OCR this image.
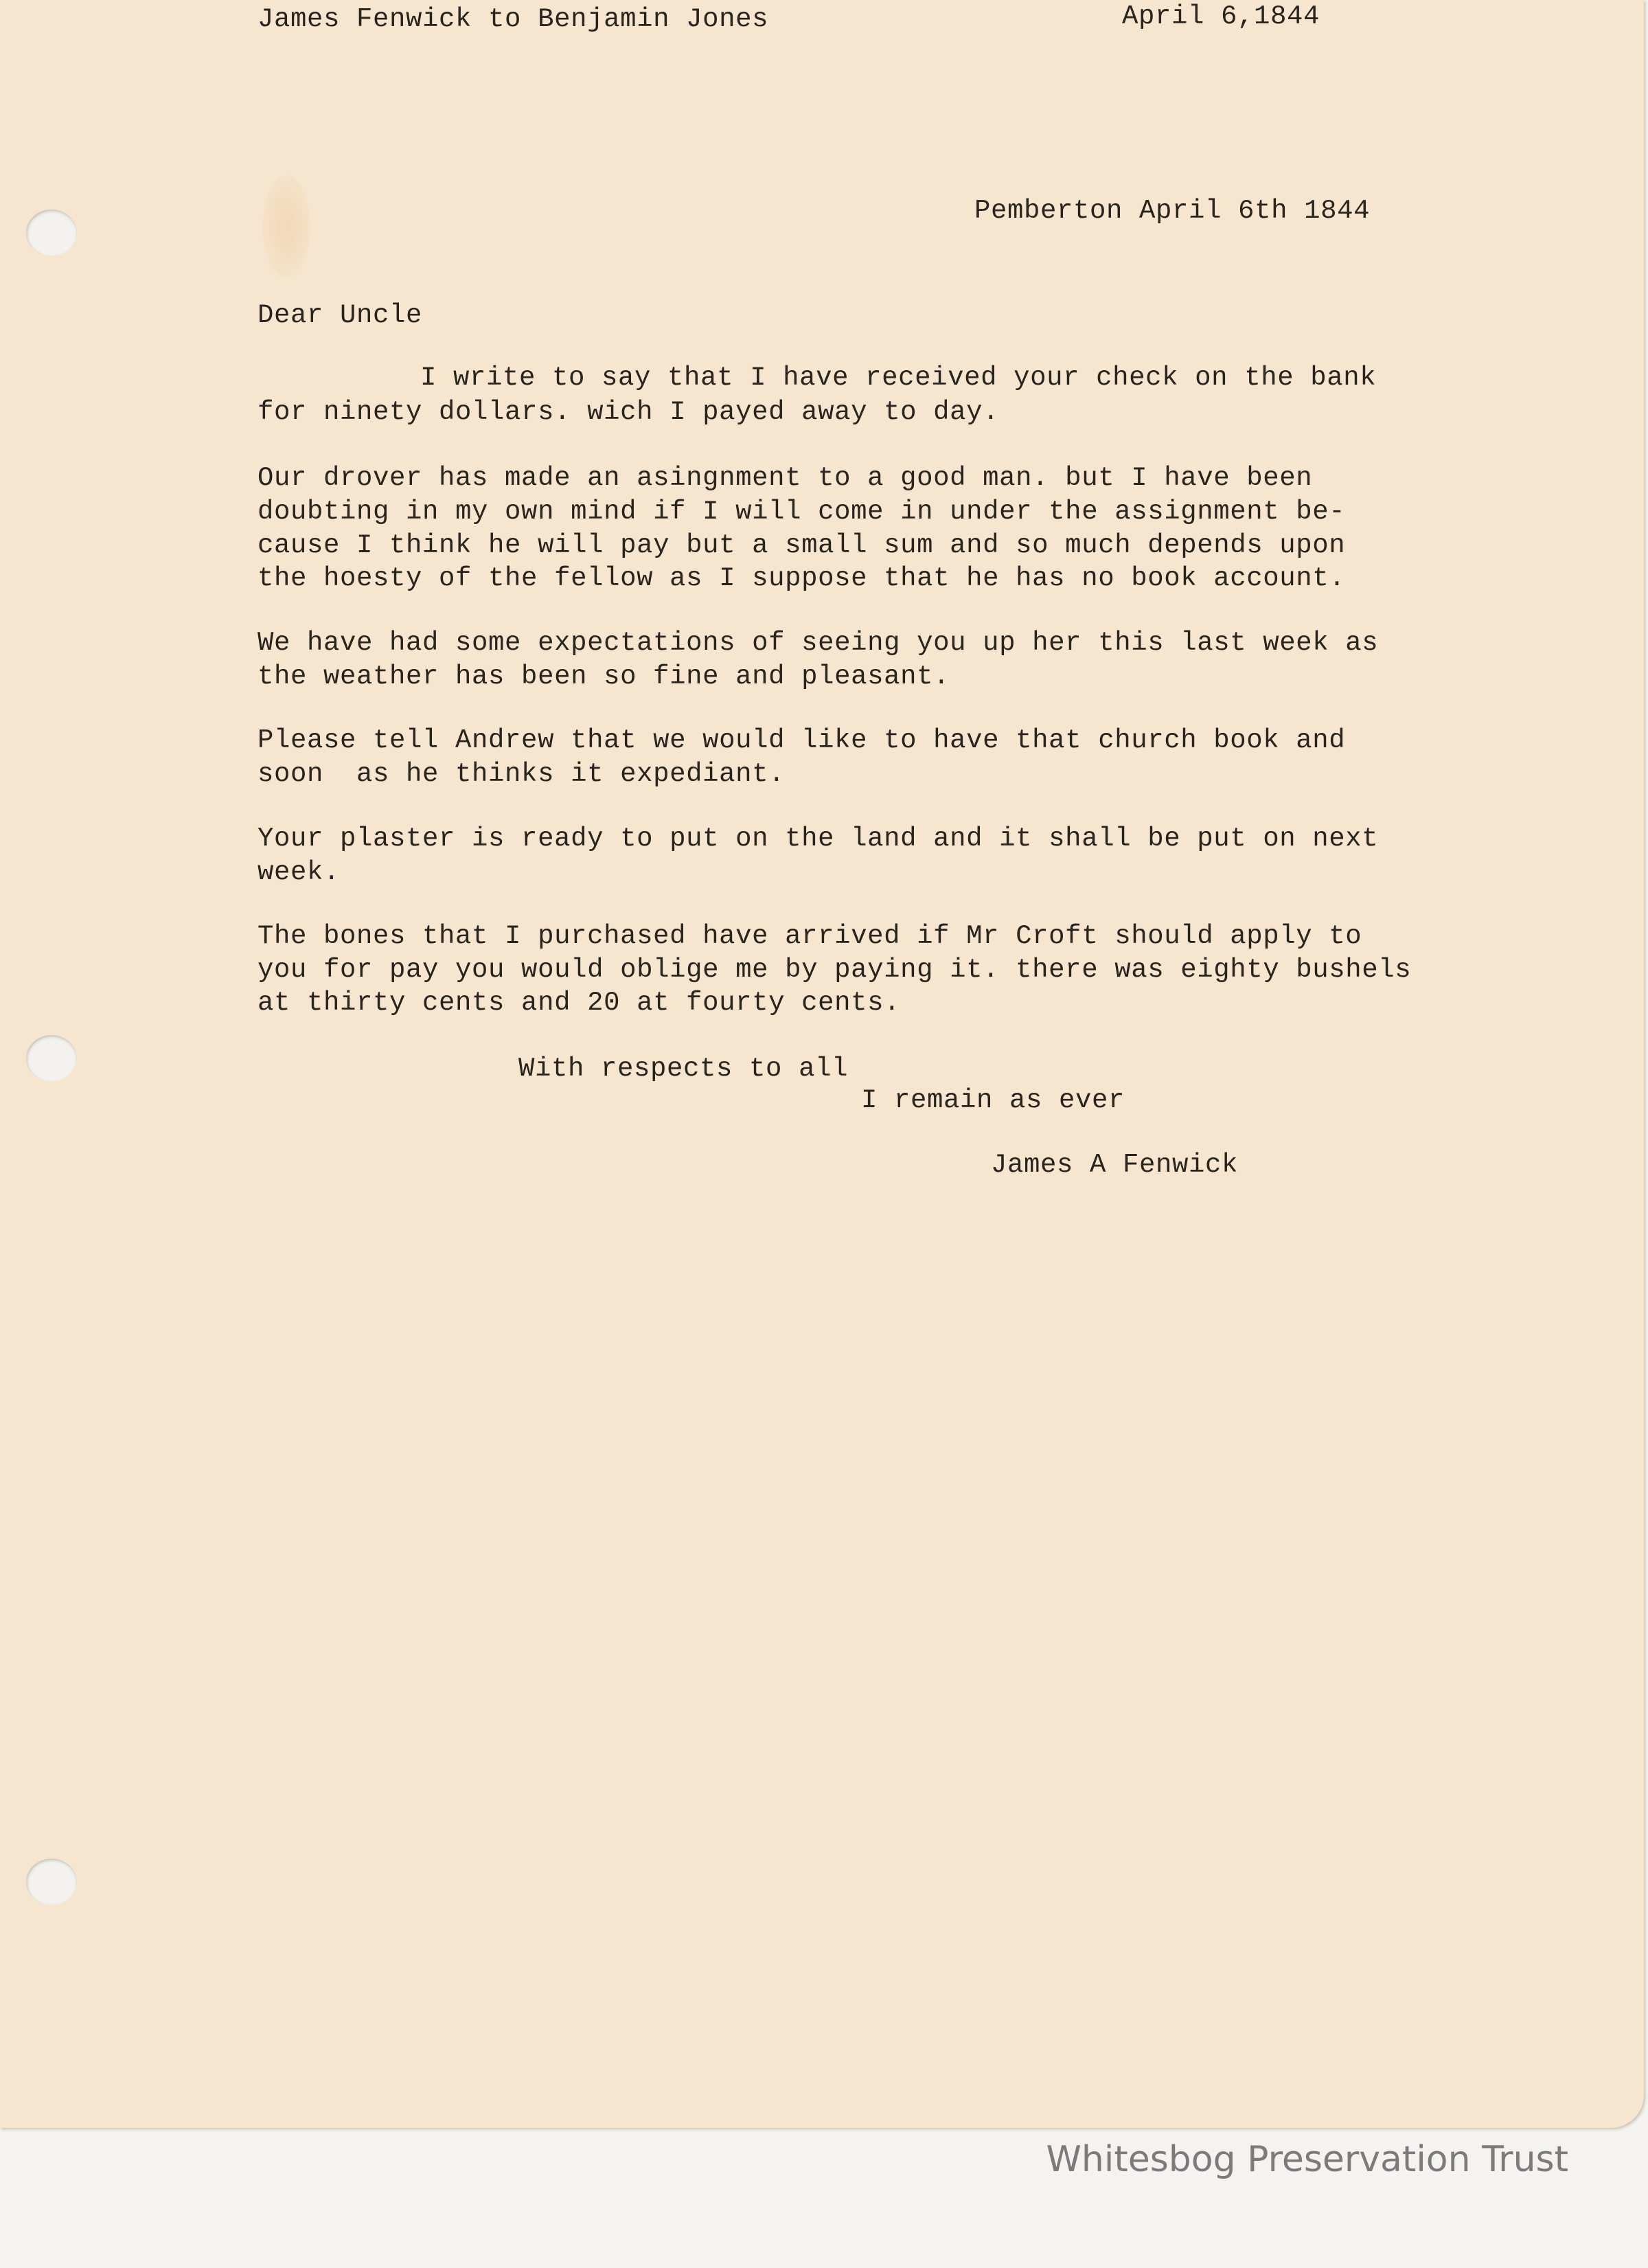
James Fenwick to Benjamin Jones	April 6,1844
Pemberton April 6th 1844
Dear Uncle
I write to say that I have received your check on the bank
for ninety dollars. wich I payed away to day.
Our drover has made an asingnment to a good man. but I have been
doubting in my own mind if I will come in under the assignment be-
cause I think he will pay but a small sum and so much depends upon
the hoesty of the fellow as I suppose that he has no book account.
We have had some expectations of seeing you up her this last week as
the weather has been so fine and pleasant.
Please tell Andrew that we would like to have that church book and
soon  as he thinks it expediant.
Your plaster is ready to put on the land and it shall be put on next
week.
The bones that I purchased have arrived if Mr Croft should apply to
you for pay you would oblige me by paying it. there was eighty bushels
at thirty cents and 20 at fourty cents.
With respects to all
I remain as ever
James A Fenwick
Whitesbog Preservation Trust
